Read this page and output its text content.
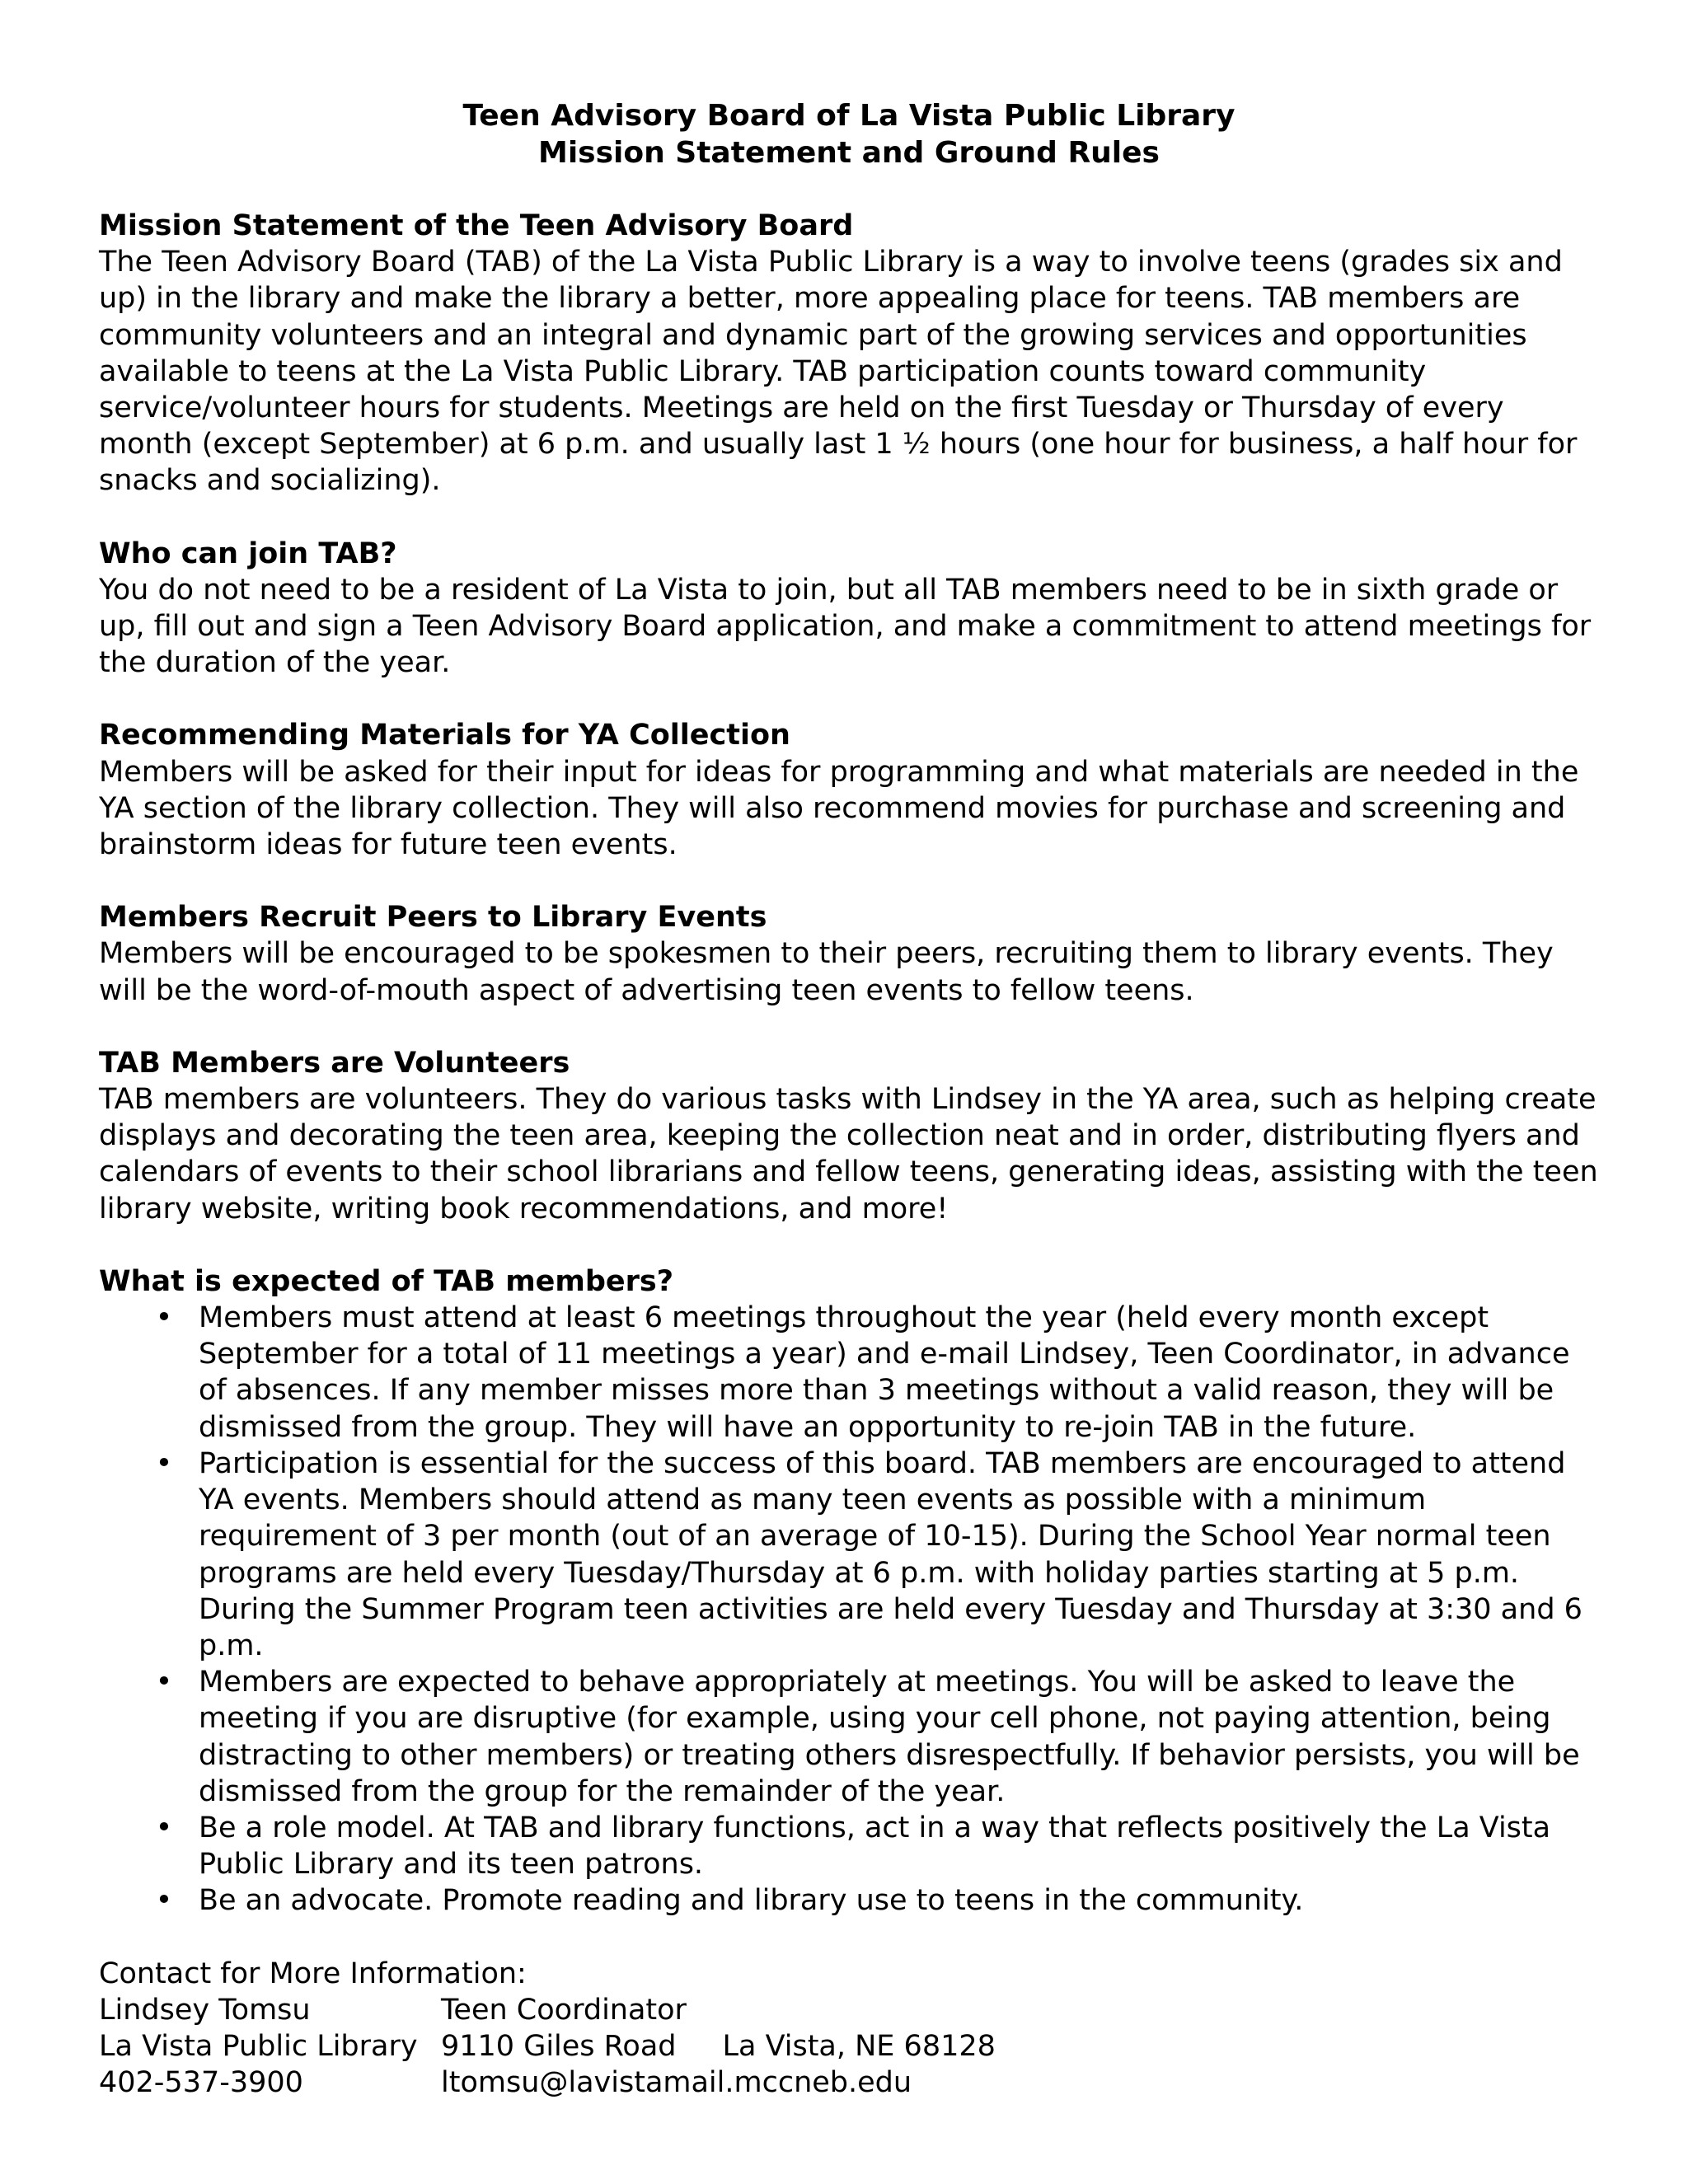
Teen Advisory Board of La Vista Public Library

Mission Statement and Ground Rules

Mission Statement of the Teen Advisory Board

The Teen Advisory Board (TAB) of the La Vista Public Library is a way to involve teens (grades six and up) in the library and make the library a better, more appealing place for teens. TAB members are community volunteers and an integral and dynamic part of the growing services and opportunities available to teens at the La Vista Public Library. TAB participation counts toward community service/volunteer hours for students. Meetings are held on the first Tuesday or Thursday of every month (except September) at 6 p.m. and usually last 1 ½ hours (one hour for business, a half hour for snacks and socializing).

Who can join TAB?

You do not need to be a resident of La Vista to join, but all TAB members need to be in sixth grade or up, fill out and sign a Teen Advisory Board application, and make a commitment to attend meetings for the duration of the year.

Recommending Materials for YA Collection

Members will be asked for their input for ideas for programming and what materials are needed in the YA section of the library collection. They will also recommend movies for purchase and screening and brainstorm ideas for future teen events.

Members Recruit Peers to Library Events

Members will be encouraged to be spokesmen to their peers, recruiting them to library events. They will be the word-of-mouth aspect of advertising teen events to fellow teens.

TAB Members are Volunteers

TAB members are volunteers. They do various tasks with Lindsey in the YA area, such as helping create displays and decorating the teen area, keeping the collection neat and in order, distributing flyers and calendars of events to their school librarians and fellow teens, generating ideas, assisting with the teen library website, writing book recommendations, and more!

What is expected of TAB members?
• Members must attend at least 6 meetings throughout the year (held every month except September for a total of 11 meetings a year) and e-mail Lindsey, Teen Coordinator, in advance of absences. If any member misses more than 3 meetings without a valid reason, they will be dismissed from the group. They will have an opportunity to re-join TAB in the future.
• Participation is essential for the success of this board. TAB members are encouraged to attend YA events. Members should attend as many teen events as possible with a minimum requirement of 3 per month (out of an average of 10-15). During the School Year normal teen programs are held every Tuesday/Thursday at 6 p.m. with holiday parties starting at 5 p.m. During the Summer Program teen activities are held every Tuesday and Thursday at 3:30 and 6 p.m.
• Members are expected to behave appropriately at meetings. You will be asked to leave the meeting if you are disruptive (for example, using your cell phone, not paying attention, being distracting to other members) or treating others disrespectfully. If behavior persists, you will be dismissed from the group for the remainder of the year.
• Be a role model. At TAB and library functions, act in a way that reflects positively the La Vista Public Library and its teen patrons.
• Be an advocate. Promote reading and library use to teens in the community.

Contact for More Information:

Lindsey Tomsu	Teen Coordinator
La Vista Public Library 9110 Giles Road La Vista, NE 68128
402-537-3900	ltomsu@lavistamail.mccneb.edu
